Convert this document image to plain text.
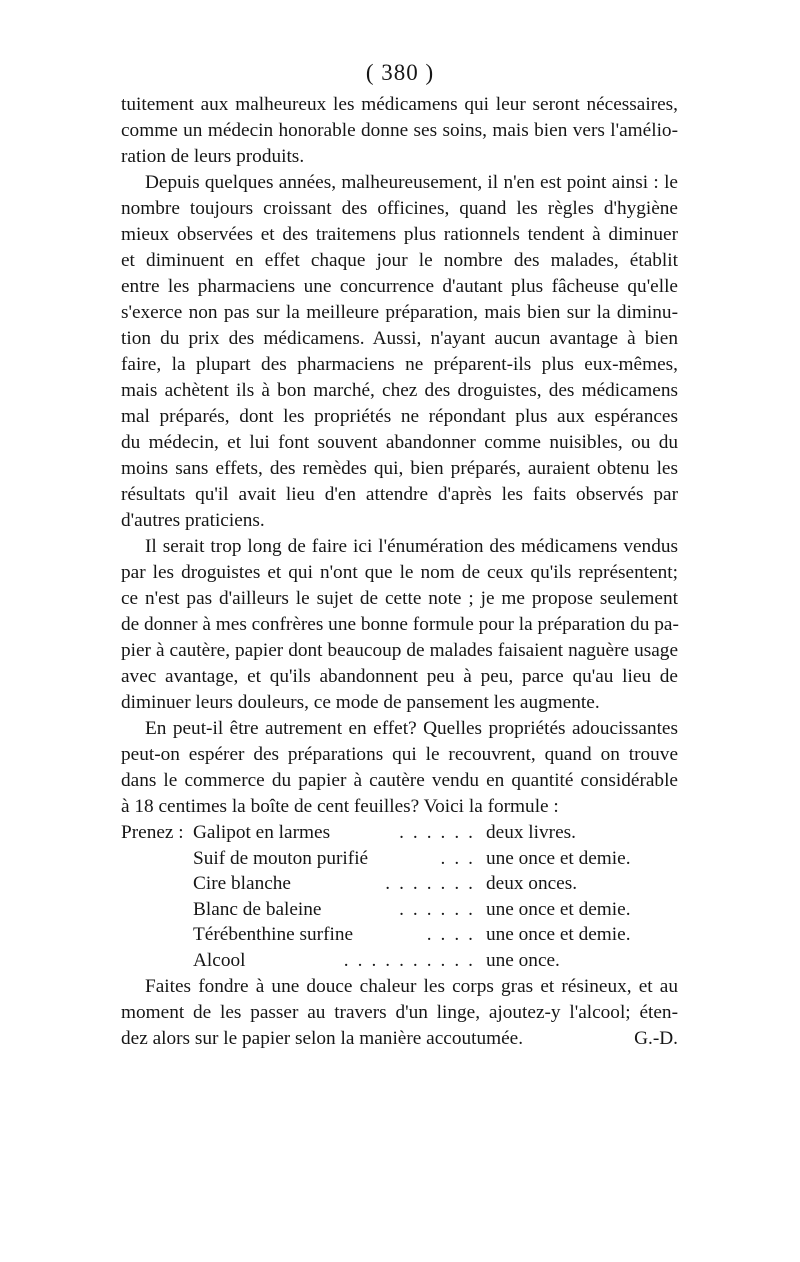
( 380 )
tuitement aux malheureux les médicamens qui leur seront nécessaires,
comme un médecin honorable donne ses soins, mais bien vers l'amélio-
ration de leurs produits.
Depuis quelques années, malheureusement, il n'en est point ainsi : le
nombre toujours croissant des officines, quand les règles d'hygiène
mieux observées et des traitemens plus rationnels tendent à diminuer
et diminuent en effet chaque jour le nombre des malades, établit
entre les pharmaciens une concurrence d'autant plus fâcheuse qu'elle
s'exerce non pas sur la meilleure préparation, mais bien sur la diminu-
tion du prix des médicamens. Aussi, n'ayant aucun avantage à bien
faire, la plupart des pharmaciens ne préparent-ils plus eux-mêmes,
mais achètent ils à bon marché, chez des droguistes, des médicamens
mal préparés, dont les propriétés ne répondant plus aux espérances
du médecin, et lui font souvent abandonner comme nuisibles, ou du
moins sans effets, des remèdes qui, bien préparés, auraient obtenu les
résultats qu'il avait lieu d'en attendre d'après les faits observés par
d'autres praticiens.
Il serait trop long de faire ici l'énumération des médicamens vendus
par les droguistes et qui n'ont que le nom de ceux qu'ils représentent;
ce n'est pas d'ailleurs le sujet de cette note ; je me propose seulement
de donner à mes confrères une bonne formule pour la préparation du pa-
pier à cautère, papier dont beaucoup de malades faisaient naguère usage
avec avantage, et qu'ils abandonnent peu à peu, parce qu'au lieu de
diminuer leurs douleurs, ce mode de pansement les augmente.
En peut-il être autrement en effet? Quelles propriétés adoucissantes
peut-on espérer des préparations qui le recouvrent, quand on trouve
dans le commerce du papier à cautère vendu en quantité considérable
à 18 centimes la boîte de cent feuilles? Voici la formule :
Prenez : Galipot en larmes	...... deux livres.
Suif de mouton purifié	... une once et demie.
Cire blanche	....... deux onces.
Blanc de baleine	...... une once et demie.
Térébenthine surfine	.... une once et demie.
Alcool	.......... une once.
Faites fondre à une douce chaleur les corps gras et résineux, et au
moment de les passer au travers d'un linge, ajoutez-y l'alcool; éten-
dez alors sur le papier selon la manière accoutumée.	G.-D.
